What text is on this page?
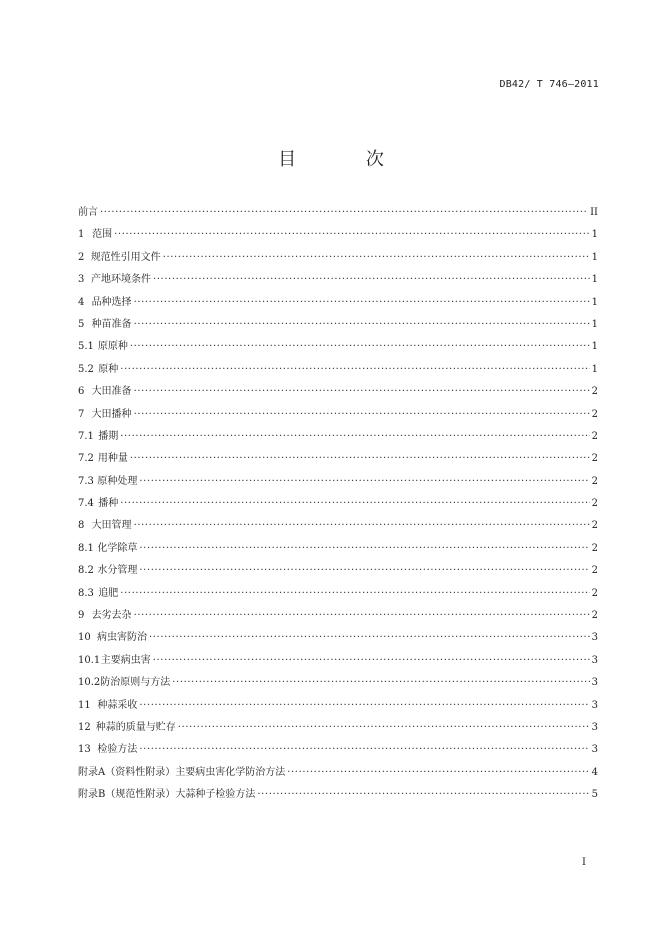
DB42/ T 746—2011
目 次
前言 ·····	II
1 范围 ·····	1
2 规范性引用文件 ·····	1
3 产地环境条件 ·····	1
4 品种选择 ·····	1
5 种苗准备 ·····	1
5.1 原原种 ·····	1
5.2 原种 ·····	1
6 大田准备 ·····	2
7 大田播种 ·····	2
7.1 播期 ·····	2
7.2 用种量 ·····	2
7.3 原种处理 ·····	2
7.4 播种 ·····	2
8 大田管理 ·····	2
8.1 化学除草 ·····	2
8.2 水分管理 ·····	2
8.3 追肥 ·····	2
9 去劣去杂 ·····	2
10 病虫害防治 ·····	3
10.1 主要病虫害 ·····	3
10.2 防治原则与方法 ·····	3
11 种蒜采收 ·····	3
12 种蒜的质量与贮存 ·····	3
13 检验方法 ·····	3
附录A（资料性附录）主要病虫害化学防治方法 ·····	4
附录B（规范性附录）大蒜种子检验方法 ·····	5
I
